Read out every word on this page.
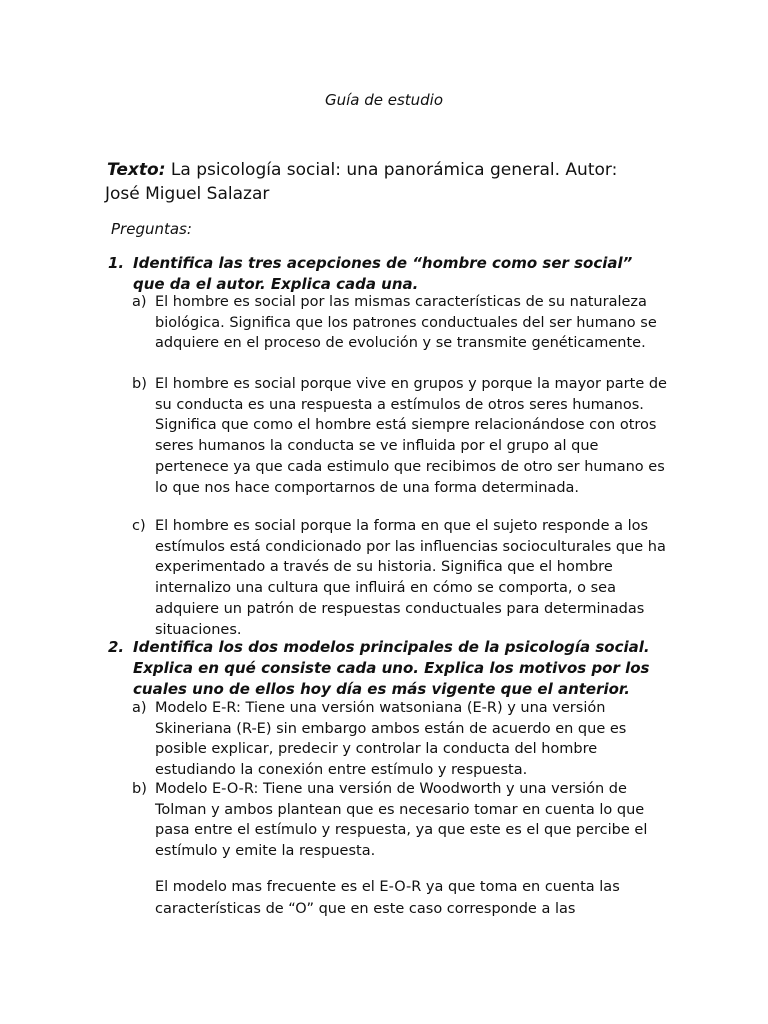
Guía de estudio
Texto: La psicología social: una panorámica general. Autor:
José Miguel Salazar
Preguntas:
1. Identifica las tres acepciones de “hombre como ser social” que da el autor. Explica cada una.
a) El hombre es social por las mismas características de su naturaleza biológica. Significa que los patrones conductuales del ser humano se adquiere en el proceso de evolución y se transmite genéticamente.
b) El hombre es social porque vive en grupos y porque la mayor parte de su conducta es una respuesta a estímulos de otros seres humanos. Significa que como el hombre está siempre relacionándose con otros seres humanos la conducta se ve influida por el grupo al que pertenece ya que cada estimulo que recibimos de otro ser humano es lo que nos hace comportarnos de una forma determinada.
c) El hombre es social porque la forma en que el sujeto responde a los estímulos está condicionado por las influencias socioculturales que ha experimentado a través de su historia. Significa que el hombre internalizo una cultura que influirá en cómo se comporta, o sea adquiere un patrón de respuestas conductuales para determinadas situaciones.
2. Identifica los dos modelos principales de la psicología social. Explica en qué consiste cada uno. Explica los motivos por los cuales uno de ellos hoy día es más vigente que el anterior.
a) Modelo E-R: Tiene una versión watsoniana (E-R) y una versión Skineriana (R-E) sin embargo ambos están de acuerdo en que es posible explicar, predecir y controlar la conducta del hombre estudiando la conexión entre estímulo y respuesta.
b) Modelo E-O-R: Tiene una versión de Woodworth y una versión de Tolman y ambos plantean que es necesario tomar en cuenta lo que pasa entre el estímulo y respuesta, ya que este es el que percibe el estímulo y emite la respuesta.
El modelo mas frecuente es el E-O-R ya que toma en cuenta las características de “O” que en este caso corresponde a las
